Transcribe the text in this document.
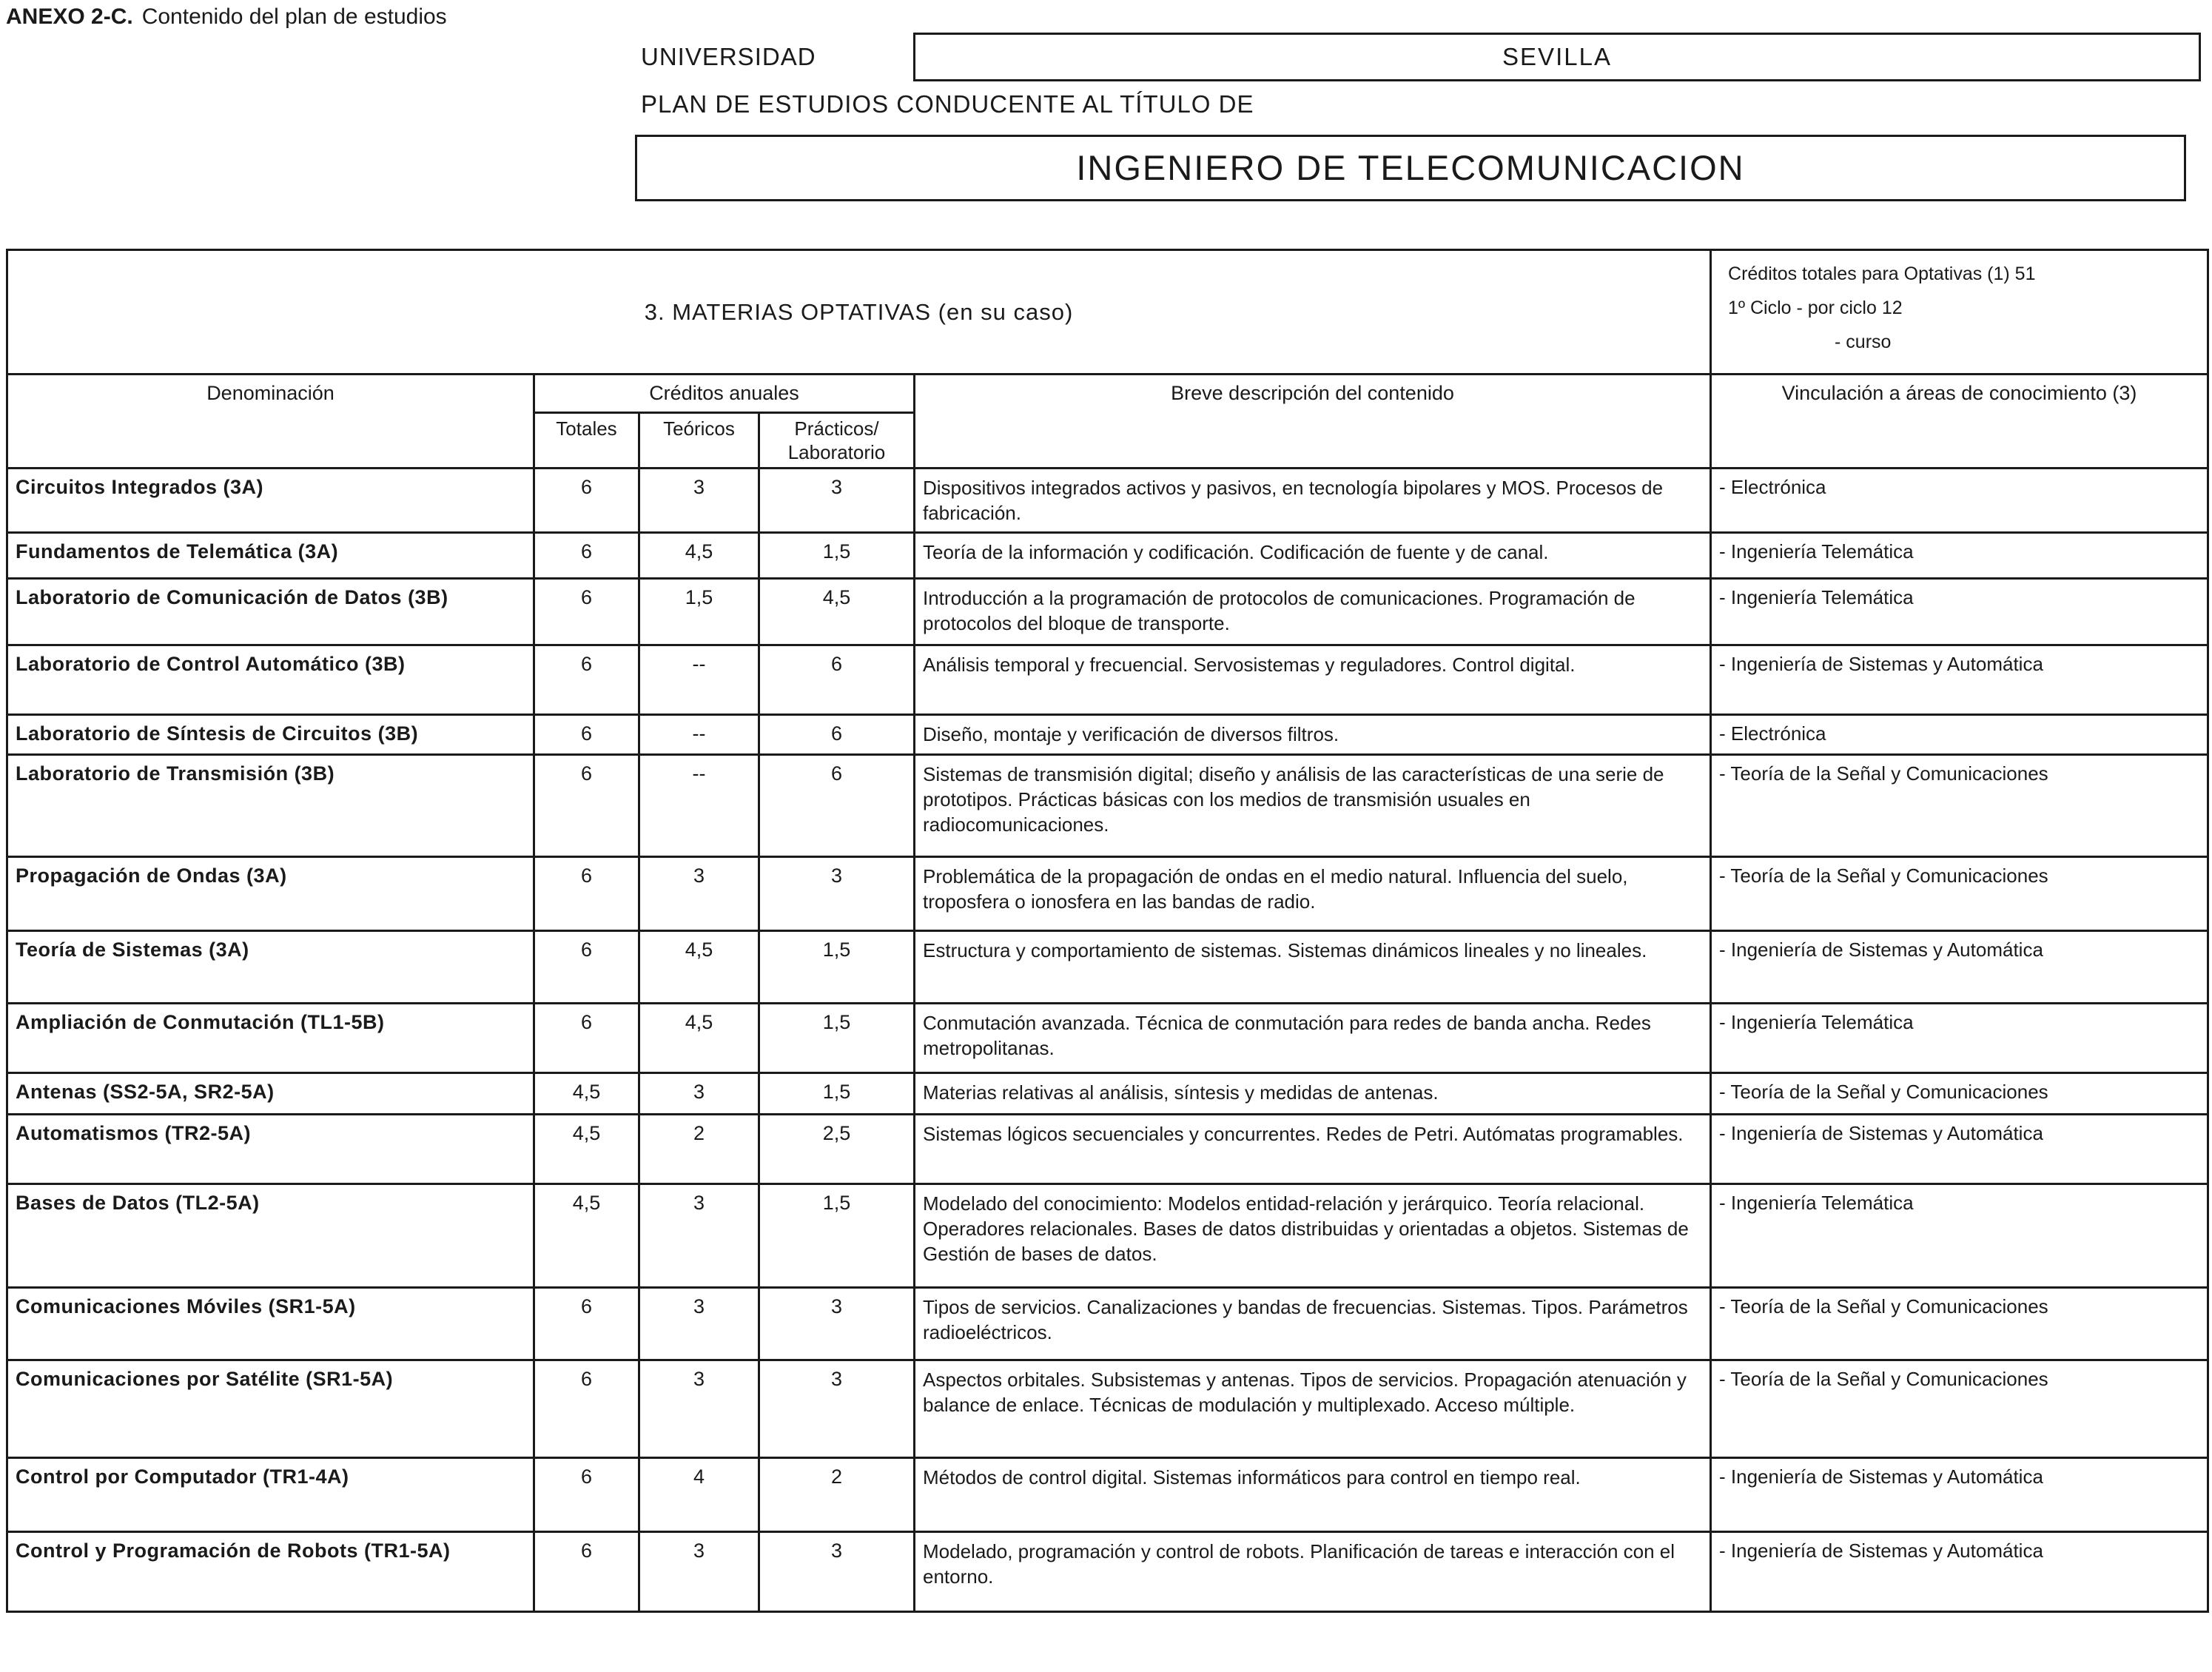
ANEXO 2-C. Contenido del plan de estudios
UNIVERSIDAD	SEVILLA
PLAN DE ESTUDIOS CONDUCENTE AL TÍTULO DE
INGENIERO DE TELECOMUNICACION
3. MATERIAS OPTATIVAS (en su caso)					Créditos totales para Optativas (1) 51
1º Ciclo - por ciclo 12

- curso

Denominación	Créditos anuales			Breve descripción del contenido	Vinculación a áreas de conocimiento (3)
	Totales	Teóricos	Prácticos/ Laboratorio		
Circuitos Integrados (3A)	6	3	3	Dispositivos integrados activos y pasivos, en tecnología bipolares y MOS. Procesos de fabricación.	- Electrónica
Fundamentos de Telemática (3A)	6	4,5	1,5	Teoría de la información y codificación. Codificación de fuente y de canal.	- Ingeniería Telemática
Laboratorio de Comunicación de Datos (3B)	6	1,5	4,5	Introducción a la programación de protocolos de comunicaciones. Programación de protocolos del bloque de transporte.	- Ingeniería Telemática
Laboratorio de Control Automático (3B)	6	--	6	Análisis temporal y frecuencial. Servosistemas y reguladores. Control digital.	- Ingeniería de Sistemas y Automática
Laboratorio de Síntesis de Circuitos (3B)	6	--	6	Diseño, montaje y verificación de diversos filtros.	- Electrónica
Laboratorio de Transmisión (3B)	6	--	6	Sistemas de transmisión digital; diseño y análisis de las características de una serie de prototipos. Prácticas básicas con los medios de transmisión usuales en radiocomunicaciones.	- Teoría de la Señal y Comunicaciones
Propagación de Ondas (3A)	6	3	3	Problemática de la propagación de ondas en el medio natural. Influencia del suelo, troposfera o ionosfera en las bandas de radio.	- Teoría de la Señal y Comunicaciones
Teoría de Sistemas (3A)	6	4,5	1,5	Estructura y comportamiento de sistemas. Sistemas dinámicos lineales y no lineales.	- Ingeniería de Sistemas y Automática
Ampliación de Conmutación (TL1-5B)	6	4,5	1,5	Conmutación avanzada. Técnica de conmutación para redes de banda ancha. Redes metropolitanas.	- Ingeniería Telemática
Antenas (SS2-5A, SR2-5A)	4,5	3	1,5	Materias relativas al análisis, síntesis y medidas de antenas.	- Teoría de la Señal y Comunicaciones
Automatismos (TR2-5A)	4,5	2	2,5	Sistemas lógicos secuenciales y concurrentes. Redes de Petri. Autómatas programables.	- Ingeniería de Sistemas y Automática
Bases de Datos (TL2-5A)	4,5	3	1,5	Modelado del conocimiento: Modelos entidad-relación y jerárquico. Teoría relacional. Operadores relacionales. Bases de datos distribuidas y orientadas a objetos. Sistemas de Gestión de bases de datos.	- Ingeniería Telemática
Comunicaciones Móviles (SR1-5A)	6	3	3	Tipos de servicios. Canalizaciones y bandas de frecuencias. Sistemas. Tipos. Parámetros radioeléctricos.	- Teoría de la Señal y Comunicaciones
Comunicaciones por Satélite (SR1-5A)	6	3	3	Aspectos orbitales. Subsistemas y antenas. Tipos de servicios. Propagación atenuación y balance de enlace. Técnicas de modulación y multiplexado. Acceso múltiple.	- Teoría de la Señal y Comunicaciones
Control por Computador (TR1-4A)	6	4	2	Métodos de control digital. Sistemas informáticos para control en tiempo real.	- Ingeniería de Sistemas y Automática
Control y Programación de Robots (TR1-5A)	6	3	3	Modelado, programación y control de robots. Planificación de tareas e interacción con el entorno.	- Ingeniería de Sistemas y Automática
